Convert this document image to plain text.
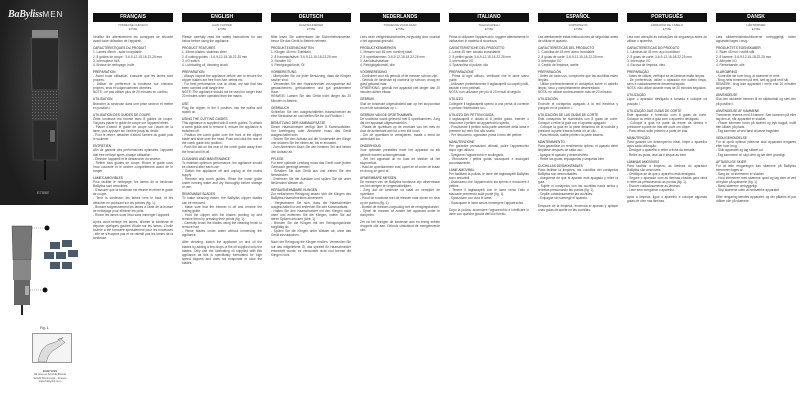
BaBylissMEN
E755E
Fig. 1
BABYLISS
99 avenue Aristide Briand
92120 Montrouge - France
www.babyliss.com
FRANÇAIS
TONDEUSE CHEVEUX
E755E
Veuillez lire attentivement les consignes de sécurité avant toute utilisation de l'appareil.
CARACTÉRISTIQUES DU PRODUIT
1. Lames 45mm - acier inoxydable
2. 8 guides de coupe : 3-6-9-12-15-18-22-25 mm
3. Interrupteur M/A
4. Brosse de nettoyage, huile
PRÉPARATION
- Avant toute utilisation, s'assurer que les lames sont propres.
- Utiliser de préférence la tondeuse sur cheveux propres, secs et soigneusement démêlés.
NOTE : ne pas utiliser plus de 20 minutes en continu.
UTILISATION
Brancher la tondeuse dans une prise secteur et mettre en position I.
UTILISATION DES GUIDES DE COUPE
Cette tondeuse est fournie avec 8 guides de coupe. Toujours placer le guide de coupe sur l'appareil éteint.
- Placer d'abord le guide de coupe sur l'avant de la lame, puis appuyer sur l'arrière jusqu'au déclic.
- Pour le retirer, détacher d'abord l'arrière du guide puis le soulever.
ENTRETIEN
Afin de garantir des performances optimales, l'appareil doit être nettoyé après chaque utilisation :
- Éteindre l'appareil et le débrancher du secteur.
- Retirer tous guides de coupe. Rincer le guide sous l'eau courante et le sécher complètement avant de le ranger.
LAMES AMOVIBLES
Pour faciliter le nettoyage, les lames de la tondeuse BaByliss sont amovibles.
- S'assurer que la tondeuse est éteinte et retirer le guide de coupe.
- Tenir la tondeuse, les lames vers le haut, et les détacher en poussant sur les pointes (fig. 1).
- Brosser soigneusement les lames à l'aide de la brosse de nettoyage pour éliminer les poils.
- Rincer les lames sous l'eau sans immerger l'appareil.
Après avoir nettoyé les lames, allumer la tondeuse et déposer quelques gouttes d'huile sur les lames. L'huile fournie a été formulée spécialement pour les tondeuses ; elle ne s'évapore pas et ne ralentit pas les lames de la tondeuse.
ENGLISH
HAIR CLIPPER
E755E
Please carefully read the safety instructions for use below before using the appliance.
PRODUCT FEATURES
1. 45mm blades: stainless steel
2. 8 cutting guides : 3-6-9-12-15-18-22-25 mm
3. I/O switch
4. Lubricating oil, cleaning brush
PREPARATION
- Always inspect the appliance before use to ensure the clipper blades are free from hair, debris etc.
- For best performance, use on clean, dry hair that has been combed until tangle free.
NOTE: The appliance should not be used for longer than 20 minutes when operated from the mains.
USE
Plug the clipper, in the 0 position, into the mains and switch on.
USING THE CUTTING GUIDES
This appliance is supplied with 8 comb guides. To attach a comb guide and to remove it, ensure the appliance is switched off.
- Position the comb guide over the front of the clipper blade and slide over the head. Push and click the rear of the comb guide into position.
- Push the tab on the rear of the comb guide away from the head and lift off.
CLEANING AND MAINTENANCE
To maintain optimum performance, the appliance should be cleaned after each use:
- Switch the appliance off and unplug at the mains supply.
- Remove any comb guides. Rinse the comb guide under running water and dry thoroughly before storage or use.
REMOVABLE BLADES
To make cleaning easier, the BaByliss clipper blades can be removed.
- Make sure that the trimmer is off and remove the cutting guide.
- Hold the clipper with the blades pointing up and remove them by pressing their points (fig. 1).
- Carefully brush the blades using the cleaning brush to remove hair.
- Rinse blades under water without immersing the appliance.
After cleaning, switch the appliance on and oil the blades by adding a few drops of the oil supplied onto the blades. Only use the lubricating oil supplied with this appliance as this is specifically formulated for high speed clippers and does not evaporate or slow the blades.
DEUTSCH
HAARSCHNEIDER
E755E
Bitte lesen Sie aufmerksam die Sicherheitshinweise, bevor Sie das Gerät in Betrieb nehmen.
PRODUKTEIGENSCHAFTEN
1. Klingen 45 mm: Edelstahl
2. 8 Kammaufsätze: 3-6-9-12-15-18-22-25 mm
3. Schalter I/O
4. Reinigungsbürste, Öl
VORBEREITUNG
- Überprüfen Sie vor jeder Benutzung, dass die Klingen sauber sind.
- Verwenden Sie den Haarschneider vorzugsweise auf gewaschenem, getrocknetem und gut gekämmtem Haar.
HINWEIS: Lassen Sie das Gerät nicht länger als 20 Minuten in Betrieb.
GEBRAUCH
Schließen Sie den ausgeschalteten Haarschneider an eine Steckdose an und stellen Sie ihn auf Position I.
BENUTZUNG DER KAMMAUFSÄTZE
Dieser Haarschneider verfügt über 8 Kammaufsätze. Vor Anbringung oder Abnahme muss das Gerät ausgeschaltet sein.
- Setzen Sie den Aufsatz auf die Vorderseite der Klinge und drücken Sie ihn hinten an, bis er einrastet.
- Zum Abnehmen lösen Sie den hinteren Teil und heben den Aufsatz ab.
PFLEGE
Für eine optimale Leistung muss das Gerät nach jedem Gebrauch gereinigt werden:
- Schalten Sie das Gerät aus und ziehen Sie den Netzstecker.
- Entfernen Sie die Aufsätze und spülen Sie sie unter fließendem Wasser ab.
HERAUSNEHMBARE KLINGEN
Zur einfacheren Reinigung lassen sich die Klingen des BaByliss-Haarschneiders abnehmen.
- Vergewissern Sie sich, dass der Haarschneider ausgeschaltet ist und entfernen Sie den Kammaufsatz.
- Halten Sie den Haarschneider mit den Klingen nach oben und entfernen Sie die Klingen, indem Sie auf deren Spitzen drücken (Abb. 1).
- Bürsten Sie die Klingen mit der Reinigungsbürste sorgfältig ab.
- Spülen Sie die Klingen unter Wasser ab, ohne das Gerät einzutauchen.
Nach der Reinigung die Klingen einölen. Verwenden Sie nur das mitgelieferte Öl, das speziell für Haarschneider entwickelt wurde; es verdunstet nicht und bremst die Klingen nicht.
NEDERLANDS
TONDEUSE VOOR HAAR
E755E
Lees deze veiligheidsinstructies zorgvuldig door voordat u het apparaat gebruikt.
PRODUCTKENMERKEN
1. Messen van 45 mm: roestvrij staal
2. 8 opzetkammen: 3-6-9-12-15-18-22-25 mm
3. Aan/uitschakelaar
4. Reinigingsborstel, olie
VOORBEREIDING
- Controleer voor elk gebruik of de messen schoon zijn.
- Gebruik de tondeuse bij voorkeur op schoon, droog en goed gekamd haar.
OPMERKING: gebruik het apparaat niet langer dan 20 minuten achter elkaar.
GEBRUIK
Sluit de tondeuse uitgeschakeld aan op het stopcontact en zet de schakelaar op I.
GEBRUIK VAN DE OPZETKAMMEN
De tondeuse wordt geleverd met 8 opzetkammen. Zorg dat het apparaat uitgeschakeld is.
- Plaats de opzetkam op de voorkant van het mes en druk de achterkant aan tot u een klik hoort.
- Om de opzetkam te verwijderen, maakt u eerst de achterkant los.
ONDERHOUD
Voor optimale prestaties moet het apparaat na elk gebruik worden schoongemaakt:
- Zet het apparaat uit en haal de stekker uit het stopcontact.
- Haal de opzetkammen eraf, spoel ze af onder de kraan en droog ze goed af.
AFNEEMBARE MESSEN
De messen van de BaByliss tondeuse zijn afneembaar om het reinigen te vergemakkelijken.
- Zorg dat de tondeuse uit staat en verwijder de opzetkam.
- Houd de tondeuse met de messen naar boven en druk op de punten (fig. 1).
- Borstel de messen zorgvuldig met de reinigingsborstel.
- Spoel de messen af zonder het apparaat onder te dompelen.
Zet na het reinigen de tondeuse aan en breng enkele druppels olie aan. Gebruik uitsluitend de meegeleverde olie.
ITALIANO
TAGLIACAPELLI
E755E
Prima di utilizzare l'apparecchio, leggere attentamente le indicazioni in materia di sicurezza.
CARATTERISTICHE DEL PRODOTTO
1. Lame 45 mm: acciaio inossidabile
2. 8 pettini guida: 3-6-9-12-15-18-22-25 mm
3. Interruttore I/O
4. Spazzolina di pulizia, olio
PREPARAZIONE
- Prima di ogni utilizzo, verificare che le lame siano pulite.
- Utilizzare preferibilmente il tagliacapelli su capelli puliti, asciutti e ben pettinati.
NOTA: non utilizzare per più di 20 minuti di seguito.
UTILIZZO
Collegare il tagliacapelli spento a una presa di corrente e portare l'interruttore su I.
UTILIZZO DEI PETTINI GUIDA
Il tagliacapelli è dotato di 8 pettini guida. Inserire o rimuovere il pettine ad apparecchio spento.
- Posizionare il pettine sulla parte anteriore della lama e premere sul retro fino allo scatto.
- Per rimuoverlo, sganciare prima il retro del pettine.
MANUTENZIONE
Per garantire prestazioni ottimali, pulire l'apparecchio dopo ogni utilizzo:
- Spegnere l'apparecchio e scollegarlo.
- Rimuovere i pettini guida, sciacquarli e asciugarli accuratamente.
LAME AMOVIBILI
Per facilitare la pulizia, le lame del tagliacapelli BaByliss sono amovibili.
- Assicurarsi che l'apparecchio sia spento e rimuovere il pettine.
- Tenere il tagliacapelli con le lame verso l'alto e staccarle premendo sulle punte (fig. 1).
- Spazzolare con cura le lame.
- Sciacquare le lame senza immergere l'apparecchio.
Dopo la pulizia, accendere l'apparecchio e lubrificare le lame con qualche goccia dell'olio fornito.
ESPAÑOL
CORTAPELOS
E755E
Lea atentamente estas instrucciones de seguridad antes de utilizar el aparato.
CARACTERÍSTICAS DEL PRODUCTO
1. Cuchillas de 45 mm: acero inoxidable
2. 8 guías de corte: 3-6-9-12-15-18-22-25 mm
3. Interruptor I/O
4. Cepillo de limpieza, aceite
PREPARACIÓN
- Antes de cada uso, compruebe que las cuchillas estén limpias.
- Utilice preferentemente el cortapelos sobre el cabello limpio, seco y completamente desenredado.
NOTA: no utilizar continuamente más de 20 minutos.
UTILIZACIÓN
Enchufe el cortapelos apagado a la red eléctrica y póngalo en la posición I.
UTILIZACIÓN DE LAS GUÍAS DE CORTE
Este cortapelos se suministra con 8 guías de corte. Coloque o retire la guía con el aparato apagado.
- Coloque la guía en la parte delantera de la cuchilla y presione la parte trasera hasta oír un clic.
- Para retirarla, suelte primero la parte trasera.
MANTENIMIENTO
Para garantizar un rendimiento óptimo, el aparato debe limpiarse después de cada uso:
- Apague el aparato y desenchúfelo.
- Retire las guías, enjuáguelas y séquelas bien.
CUCHILLAS DESMONTABLES
Para facilitar la limpieza, las cuchillas del cortapelos BaByliss son desmontables.
- Asegúrese de que el aparato esté apagado y retire la guía.
- Sujete el cortapelos con las cuchillas hacia arriba y retírelas presionando las puntas (fig. 1).
- Cepille cuidadosamente las cuchillas.
- Enjuague sin sumergir el aparato.
Después de la limpieza, encienda el aparato y aplique unas gotas de aceite en las cuchillas.
PORTUGUÊS
APARADOR DE CABELO
E755E
Leia com atenção as indicações de segurança antes de utilizar o aparelho.
CARACTERÍSTICAS DO PRODUTO
1. Lâminas de 45 mm: aço inoxidável
2. 8 guias de corte: 3-6-9-12-15-18-22-25 mm
3. Interruptor I/O
4. Escova de limpeza, óleo
PREPARAÇÃO
- Antes de utilizar, verifique se as lâminas estão limpas.
- De preferência, utilize o aparador em cabelo limpo, seco e cuidadosamente desembaraçado.
NOTA: não utilize durante mais de 20 minutos seguidos.
UTILIZAÇÃO
Ligue o aparador desligado à tomada e coloque na posição I.
UTILIZAÇÃO DAS GUIAS DE CORTE
Este aparador é fornecido com 8 guias de corte. Coloque ou retire a guia com o aparelho desligado.
- Coloque a guia na parte da frente da lâmina e pressione a parte de trás até ouvir um clique.
- Para retirar, solte primeiro a parte de trás.
MANUTENÇÃO
Para garantir um desempenho ideal, limpe o aparelho após cada utilização:
- Desligue o aparelho e retire a ficha da tomada.
- Retire as guias, lave-as e seque-as bem.
LÂMINAS AMOVÍVEIS
Para facilitar a limpeza, as lâminas do aparador BaByliss são amovíveis.
- Certifique-se de que o aparelho está desligado.
- Segure o aparador com as lâminas viradas para cima e retire-as pressionando as pontas (fig. 1).
- Escove cuidadosamente as lâminas.
- Lave sem mergulhar o aparelho.
Após a limpeza, ligue o aparelho e coloque algumas gotas de óleo nas lâminas.
DANSK
HÅRTRIMMER
E755E
Læs sikkerhedsinstruktionerne omhyggeligt, inden apparatet tages i brug.
PRODUKTETS EGENSKABER
1. Skær 45 mm: rustfrit stål
2. 8 kamme: 3-6-9-12-15-18-22-25 mm
3. Afbryder I/O
4. Rensebørste, olie
KLARGØRING
- Kontroller før hver brug, at skærene er rene.
- Brug helst trimmeren på rent, tørt og godt redt hår.
BEMÆRK: brug ikke apparatet i mere end 20 minutter ad gangen.
ANVENDELSE
Slut den slukkede trimmer til en stikkontakt og sæt den på position I.
ANVENDELSE AF KAMMENE
Trimmeren leveres med 8 kamme. Sæt kammen på eller tag den af, når apparatet er slukket.
- Placer kammen foran på skæret og tryk bagpå, indtil den klikker på plads.
- Tag kammen af ved først at løsne bagsiden.
VEDLIGEHOLDELSE
For at opnå optimal ydeevne skal apparatet rengøres efter hver brug:
- Sluk apparatet og tag stikket ud.
- Tag kammene af, skyl dem og tør dem grundigt.
AFTAGELIGE SKÆR
For at lette rengøringen kan skærene på BaByliss trimmeren tages af.
- Sørg for, at trimmeren er slukket.
- Hold trimmeren med skærene opad og tag dem af ved at trykke på spidserne (fig. 1).
- Børst skærene omhyggeligt.
- Skyl skærene uden at nedsænke apparatet.
Efter rengøring tændes apparatet, og der påføres et par dråber olie på skærene.
